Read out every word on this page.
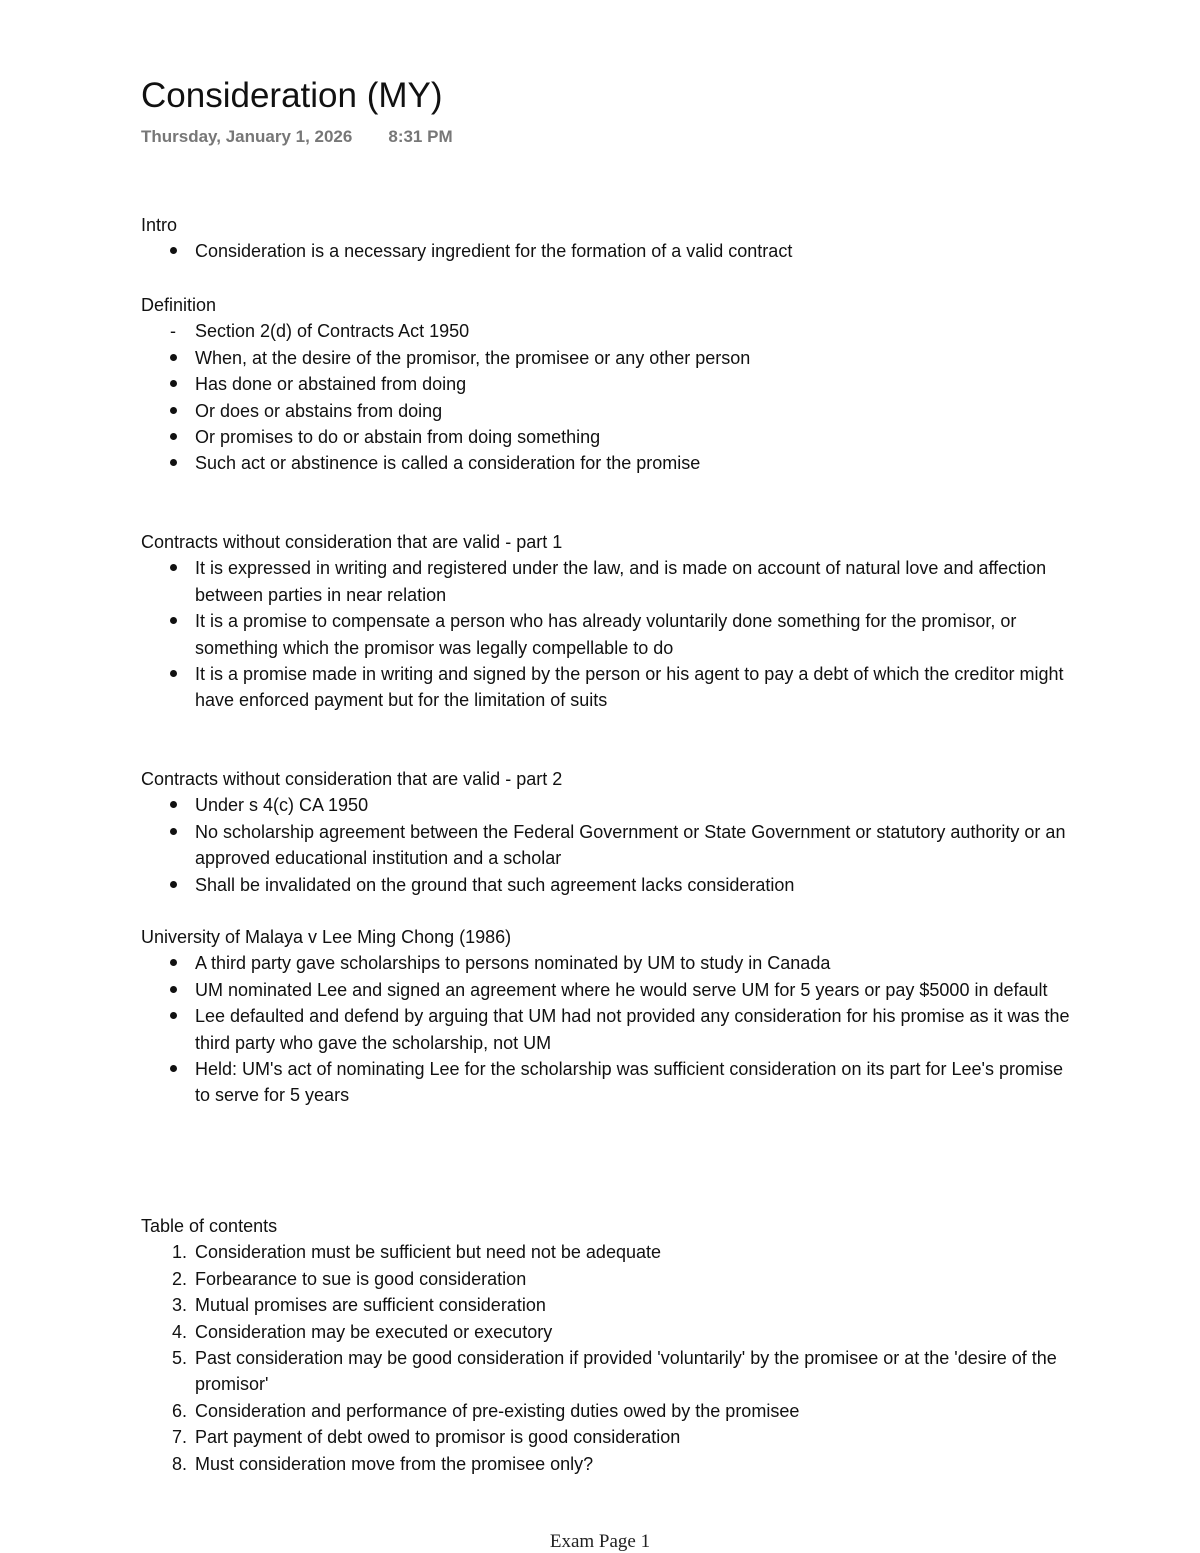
Consideration (MY)
Thursday, January 1, 2026 8:31 PM
Intro
Consideration is a necessary ingredient for the formation of a valid contract
Definition
- Section 2(d) of Contracts Act 1950
When, at the desire of the promisor, the promisee or any other person
Has done or abstained from doing
Or does or abstains from doing
Or promises to do or abstain from doing something
Such act or abstinence is called a consideration for the promise
Contracts without consideration that are valid - part 1
It is expressed in writing and registered under the law, and is made on account of natural love and affection between parties in near relation
It is a promise to compensate a person who has already voluntarily done something for the promisor, or something which the promisor was legally compellable to do
It is a promise made in writing and signed by the person or his agent to pay a debt of which the creditor might have enforced payment but for the limitation of suits
Contracts without consideration that are valid - part 2
Under s 4(c) CA 1950
No scholarship agreement between the Federal Government or State Government or statutory authority or an approved educational institution and a scholar
Shall be invalidated on the ground that such agreement lacks consideration
University of Malaya v Lee Ming Chong (1986)
A third party gave scholarships to persons nominated by UM to study in Canada
UM nominated Lee and signed an agreement where he would serve UM for 5 years or pay $5000 in default
Lee defaulted and defend by arguing that UM had not provided any consideration for his promise as it was the third party who gave the scholarship, not UM
Held: UM's act of nominating Lee for the scholarship was sufficient consideration on its part for Lee's promise to serve for 5 years
Table of contents
1. Consideration must be sufficient but need not be adequate
2. Forbearance to sue is good consideration
3. Mutual promises are sufficient consideration
4. Consideration may be executed or executory
5. Past consideration may be good consideration if provided 'voluntarily' by the promisee or at the 'desire of the promisor'
6. Consideration and performance of pre-existing duties owed by the promisee
7. Part payment of debt owed to promisor is good consideration
8. Must consideration move from the promisee only?
Exam Page 1
